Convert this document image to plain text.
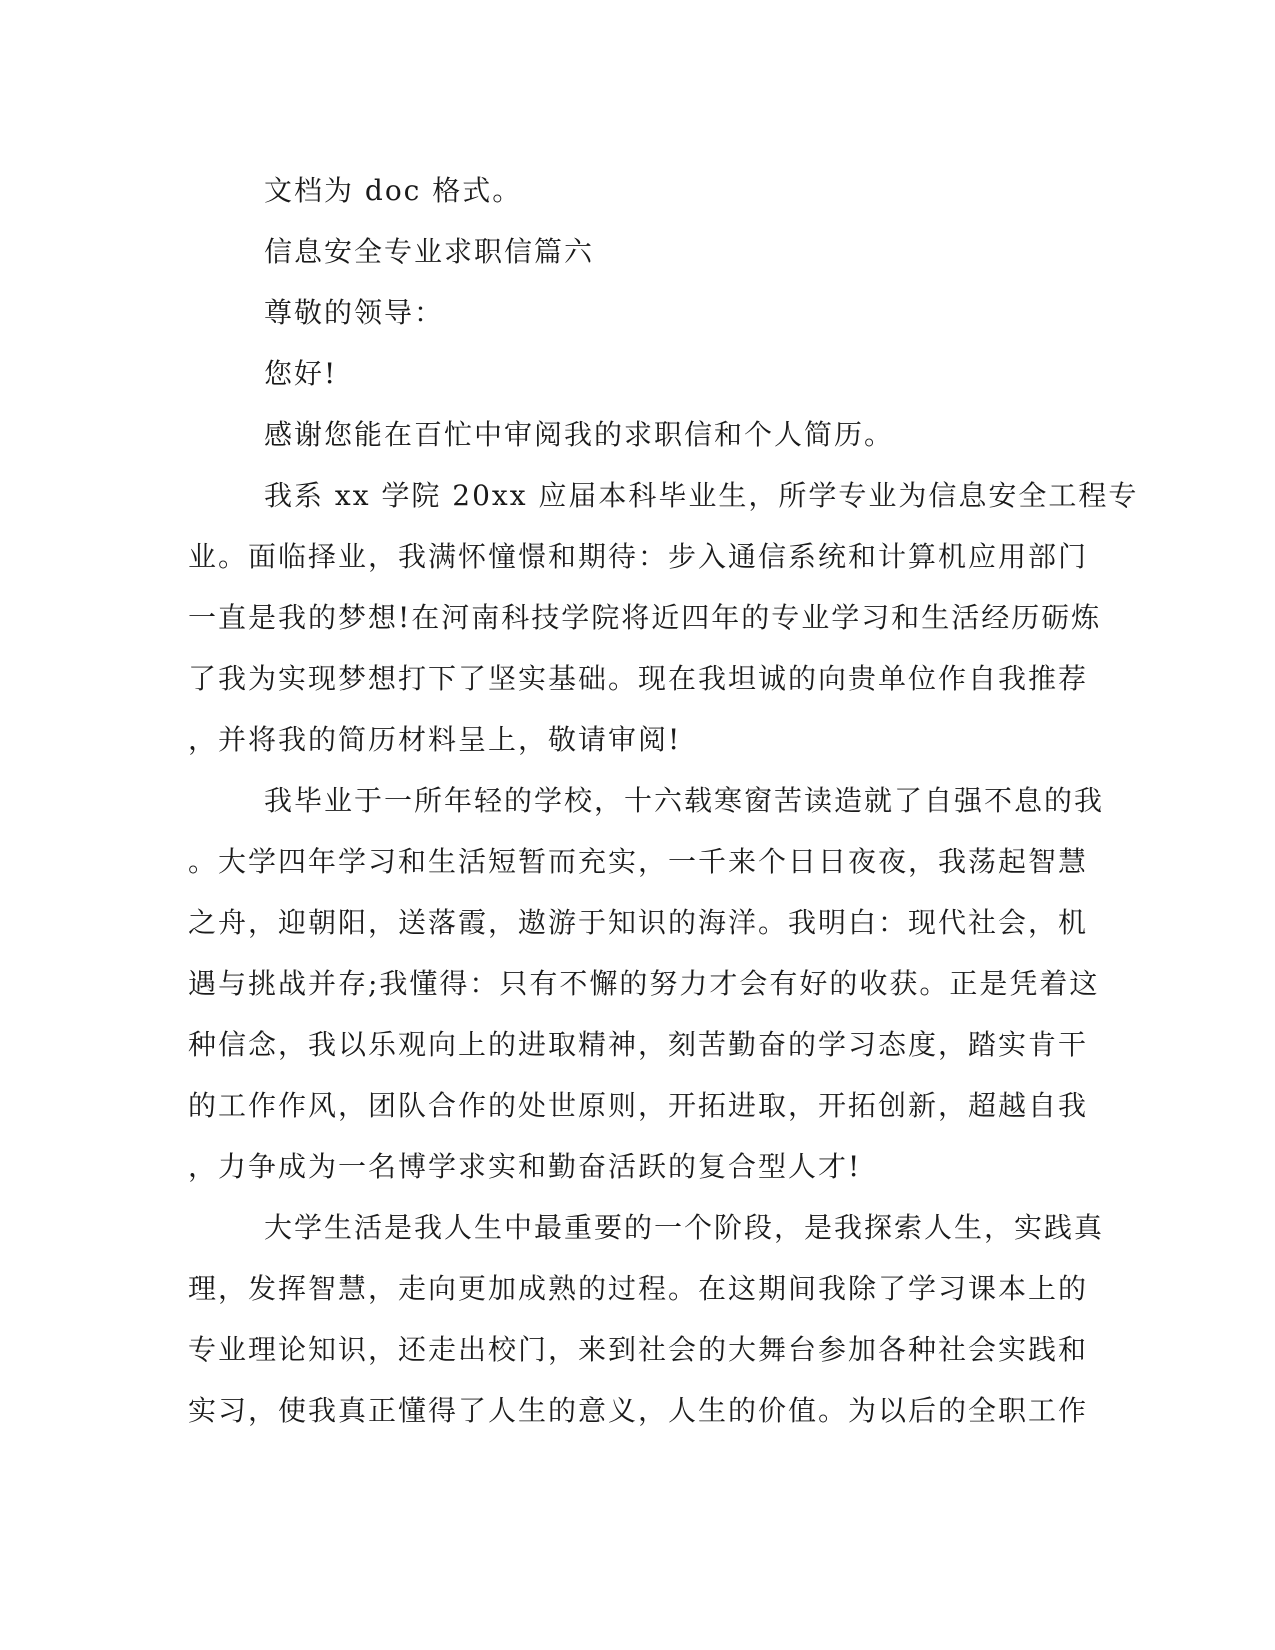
文档为 doc 格式。
信息安全专业求职信篇六
尊敬的领导：
您好!
感谢您能在百忙中审阅我的求职信和个人简历。
我系 xx 学院 20xx 应届本科毕业生，所学专业为信息安全工程专
业。面临择业，我满怀憧憬和期待：步入通信系统和计算机应用部门
一直是我的梦想!在河南科技学院将近四年的专业学习和生活经历砺炼
了我为实现梦想打下了坚实基础。现在我坦诚的向贵单位作自我推荐
，并将我的简历材料呈上，敬请审阅!
我毕业于一所年轻的学校，十六载寒窗苦读造就了自强不息的我
。大学四年学习和生活短暂而充实，一千来个日日夜夜，我荡起智慧
之舟，迎朝阳，送落霞，遨游于知识的海洋。我明白：现代社会，机
遇与挑战并存;我懂得：只有不懈的努力才会有好的收获。正是凭着这
种信念，我以乐观向上的进取精神，刻苦勤奋的学习态度，踏实肯干
的工作作风，团队合作的处世原则，开拓进取，开拓创新，超越自我
，力争成为一名博学求实和勤奋活跃的复合型人才!
大学生活是我人生中最重要的一个阶段，是我探索人生，实践真
理，发挥智慧，走向更加成熟的过程。在这期间我除了学习课本上的
专业理论知识，还走出校门，来到社会的大舞台参加各种社会实践和
实习，使我真正懂得了人生的意义，人生的价值。为以后的全职工作
